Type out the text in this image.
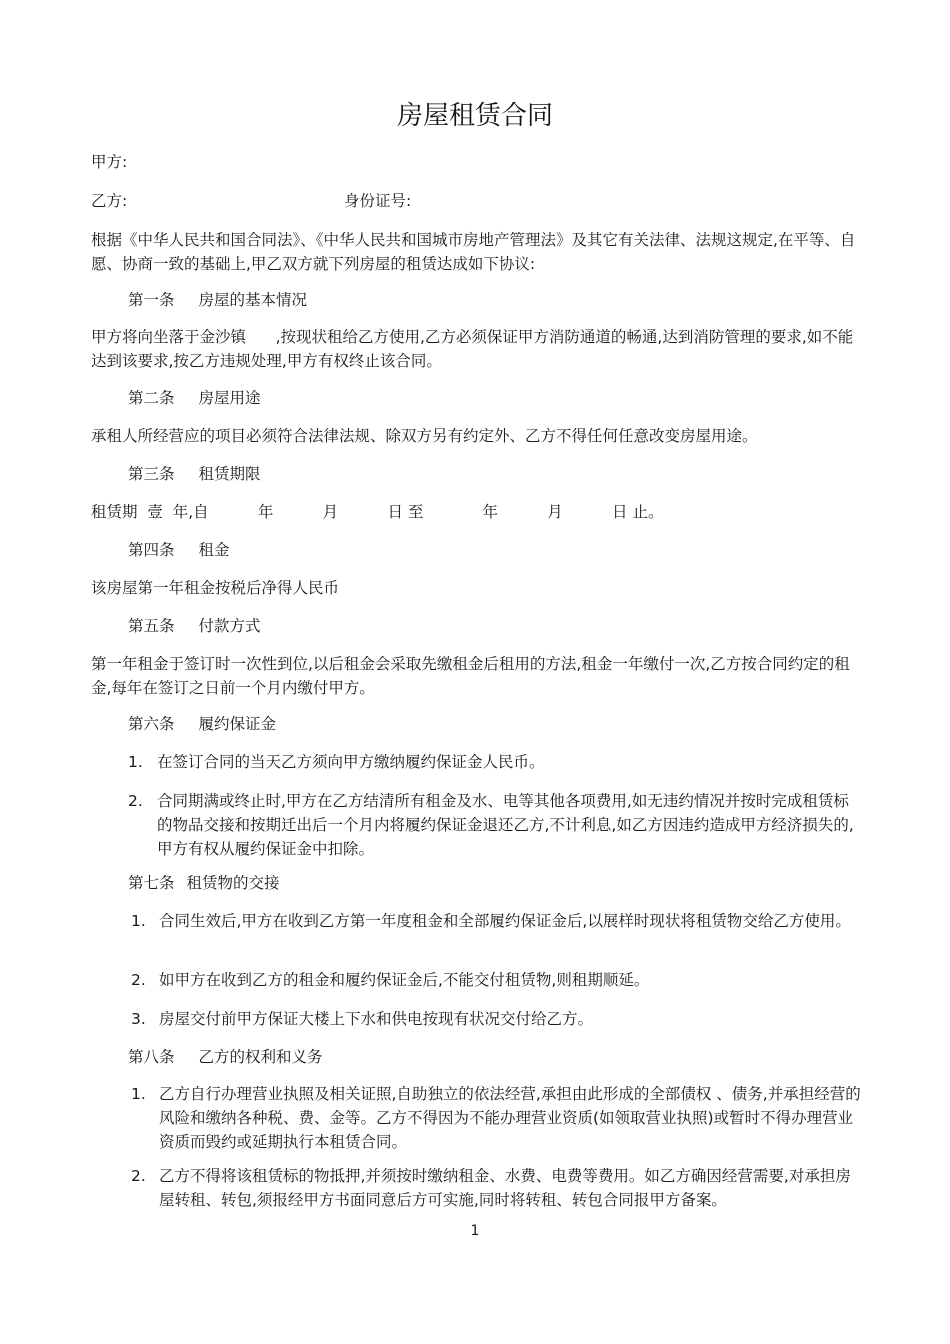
房屋租赁合同
甲方:
乙方:	身份证号:
根据《中华人民共和国合同法》、《中华人民共和国城市房地产管理法》及其它有关法律、法规这规定,在平等、自愿、协商一致的基础上,甲乙双方就下列房屋的租赁达成如下协议:
第一条 房屋的基本情况
甲方将向坐落于金沙镇      ,按现状租给乙方使用,乙方必须保证甲方消防通道的畅通,达到消防管理的要求,如不能达到该要求,按乙方违规处理,甲方有权终止该合同。
第二条 房屋用途
承租人所经营应的项目必须符合法律法规、除双方另有约定外、乙方不得任何任意改变房屋用途。
第三条 租赁期限
租赁期  壹  年,自          年          月          日 至            年          月          日 止。
第四条 租金
该房屋第一年租金按税后净得人民币
第五条 付款方式
第一年租金于签订时一次性到位,以后租金会采取先缴租金后租用的方法,租金一年缴付一次,乙方按合同约定的租金,每年在签订之日前一个月内缴付甲方。
第六条 履约保证金
1. 在签订合同的当天乙方须向甲方缴纳履约保证金人民币。
2. 合同期满或终止时,甲方在乙方结清所有租金及水、电等其他各项费用,如无违约情况并按时完成租赁标的物品交接和按期迁出后一个月内将履约保证金退还乙方,不计利息,如乙方因违约造成甲方经济损失的,甲方有权从履约保证金中扣除。
第七条 租赁物的交接
1. 合同生效后,甲方在收到乙方第一年度租金和全部履约保证金后,以展样时现状将租赁物交给乙方使用。
2. 如甲方在收到乙方的租金和履约保证金后,不能交付租赁物,则租期顺延。
3. 房屋交付前甲方保证大楼上下水和供电按现有状况交付给乙方。
第八条 乙方的权利和义务
1. 乙方自行办理营业执照及相关证照,自助独立的依法经营,承担由此形成的全部债权 、债务,并承担经营的风险和缴纳各种税、费、金等。乙方不得因为不能办理营业资质(如领取营业执照)或暂时不得办理营业资质而毁约或延期执行本租赁合同。
2. 乙方不得将该租赁标的物抵押,并须按时缴纳租金、水费、电费等费用。如乙方确因经营需要,对承担房屋转租、转包,须报经甲方书面同意后方可实施,同时将转租、转包合同报甲方备案。
1
